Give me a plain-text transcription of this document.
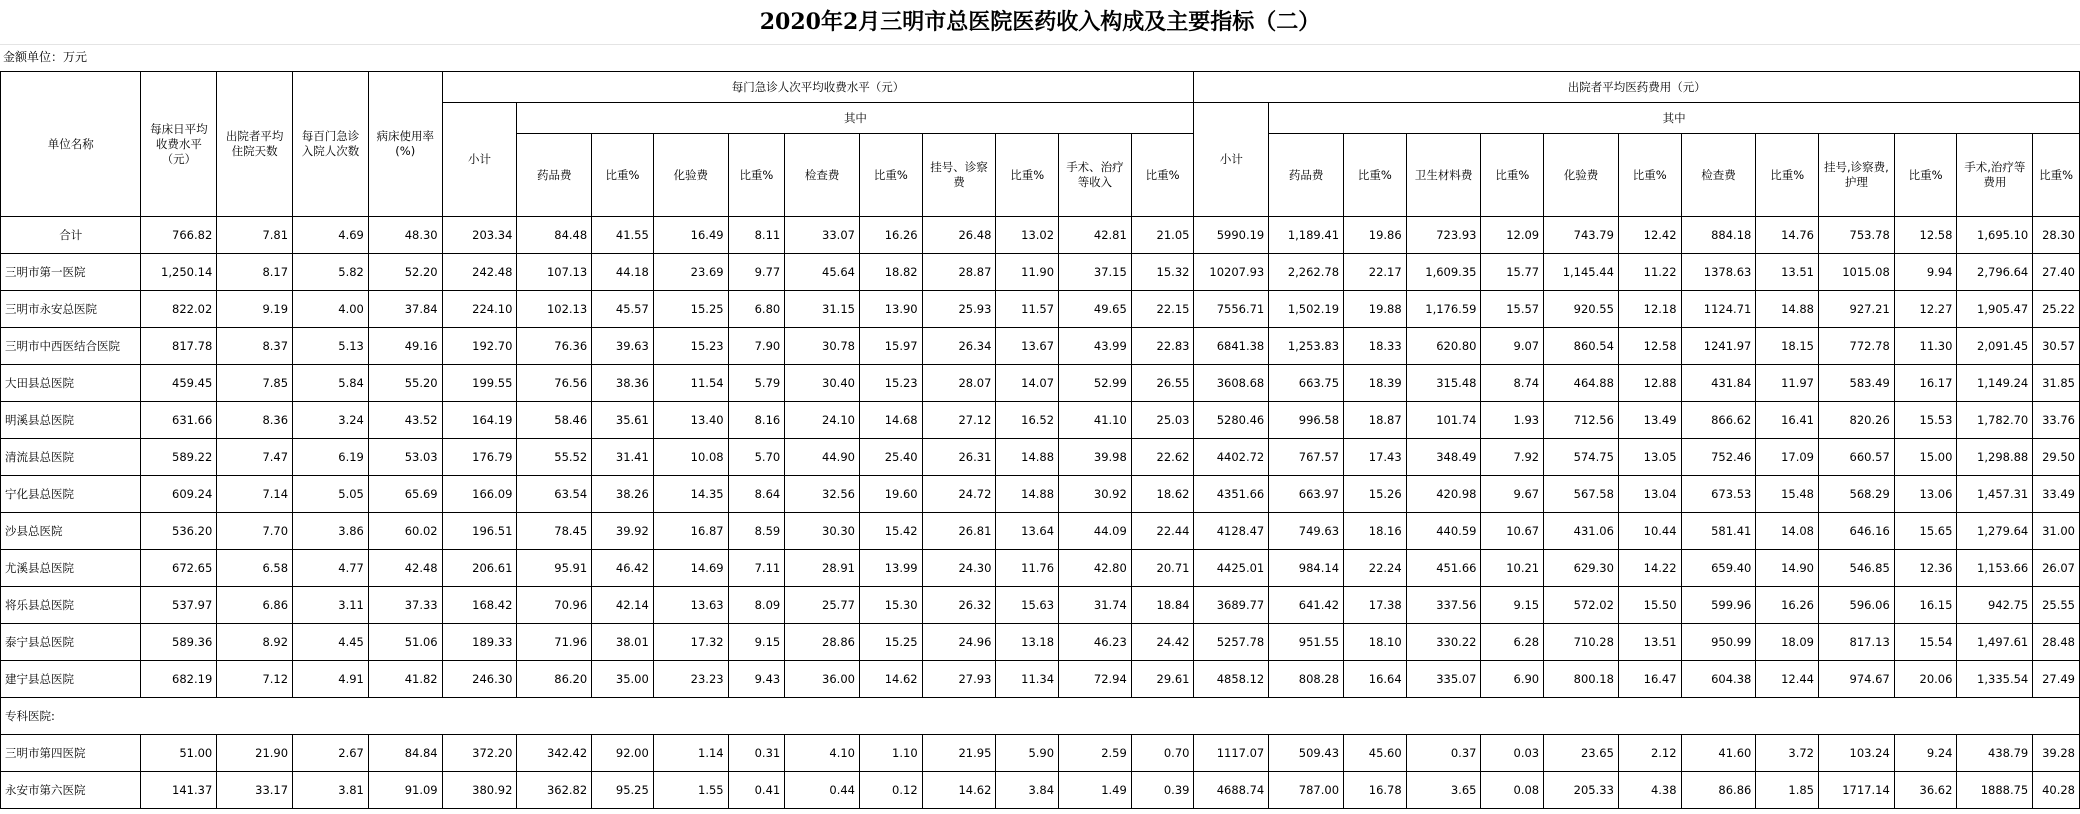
2020年2月三明市总医院医药收入构成及主要指标（二）
金额单位：万元
单位名称	每床日平均收费水平（元）	出院者平均住院天数	每百门急诊入院人次数	病床使用率(%)	每门急诊人次平均收费水平（元）											出院者平均医药费用（元）												
					小计	其中										小计	其中											
						药品费	比重%	化验费	比重%	检查费	比重%	挂号、诊察费	比重%	手术、治疗等收入	比重%		药品费	比重%	卫生材料费	比重%	化验费	比重%	检查费	比重%	挂号,诊察费,护理	比重%	手术,治疗等费用	比重%
合计	766.82	7.81	4.69	48.30	203.34	84.48	41.55	16.49	8.11	33.07	16.26	26.48	13.02	42.81	21.05	5990.19	1,189.41	19.86	723.93	12.09	743.79	12.42	884.18	14.76	753.78	12.58	1,695.10	28.30
三明市第一医院	1,250.14	8.17	5.82	52.20	242.48	107.13	44.18	23.69	9.77	45.64	18.82	28.87	11.90	37.15	15.32	10207.93	2,262.78	22.17	1,609.35	15.77	1,145.44	11.22	1378.63	13.51	1015.08	9.94	2,796.64	27.40
三明市永安总医院	822.02	9.19	4.00	37.84	224.10	102.13	45.57	15.25	6.80	31.15	13.90	25.93	11.57	49.65	22.15	7556.71	1,502.19	19.88	1,176.59	15.57	920.55	12.18	1124.71	14.88	927.21	12.27	1,905.47	25.22
三明市中西医结合医院	817.78	8.37	5.13	49.16	192.70	76.36	39.63	15.23	7.90	30.78	15.97	26.34	13.67	43.99	22.83	6841.38	1,253.83	18.33	620.80	9.07	860.54	12.58	1241.97	18.15	772.78	11.30	2,091.45	30.57
大田县总医院	459.45	7.85	5.84	55.20	199.55	76.56	38.36	11.54	5.79	30.40	15.23	28.07	14.07	52.99	26.55	3608.68	663.75	18.39	315.48	8.74	464.88	12.88	431.84	11.97	583.49	16.17	1,149.24	31.85
明溪县总医院	631.66	8.36	3.24	43.52	164.19	58.46	35.61	13.40	8.16	24.10	14.68	27.12	16.52	41.10	25.03	5280.46	996.58	18.87	101.74	1.93	712.56	13.49	866.62	16.41	820.26	15.53	1,782.70	33.76
清流县总医院	589.22	7.47	6.19	53.03	176.79	55.52	31.41	10.08	5.70	44.90	25.40	26.31	14.88	39.98	22.62	4402.72	767.57	17.43	348.49	7.92	574.75	13.05	752.46	17.09	660.57	15.00	1,298.88	29.50
宁化县总医院	609.24	7.14	5.05	65.69	166.09	63.54	38.26	14.35	8.64	32.56	19.60	24.72	14.88	30.92	18.62	4351.66	663.97	15.26	420.98	9.67	567.58	13.04	673.53	15.48	568.29	13.06	1,457.31	33.49
沙县总医院	536.20	7.70	3.86	60.02	196.51	78.45	39.92	16.87	8.59	30.30	15.42	26.81	13.64	44.09	22.44	4128.47	749.63	18.16	440.59	10.67	431.06	10.44	581.41	14.08	646.16	15.65	1,279.64	31.00
尤溪县总医院	672.65	6.58	4.77	42.48	206.61	95.91	46.42	14.69	7.11	28.91	13.99	24.30	11.76	42.80	20.71	4425.01	984.14	22.24	451.66	10.21	629.30	14.22	659.40	14.90	546.85	12.36	1,153.66	26.07
将乐县总医院	537.97	6.86	3.11	37.33	168.42	70.96	42.14	13.63	8.09	25.77	15.30	26.32	15.63	31.74	18.84	3689.77	641.42	17.38	337.56	9.15	572.02	15.50	599.96	16.26	596.06	16.15	942.75	25.55
泰宁县总医院	589.36	8.92	4.45	51.06	189.33	71.96	38.01	17.32	9.15	28.86	15.25	24.96	13.18	46.23	24.42	5257.78	951.55	18.10	330.22	6.28	710.28	13.51	950.99	18.09	817.13	15.54	1,497.61	28.48
建宁县总医院	682.19	7.12	4.91	41.82	246.30	86.20	35.00	23.23	9.43	36.00	14.62	27.93	11.34	72.94	29.61	4858.12	808.28	16.64	335.07	6.90	800.18	16.47	604.38	12.44	974.67	20.06	1,335.54	27.49
专科医院:																												
三明市第四医院	51.00	21.90	2.67	84.84	372.20	342.42	92.00	1.14	0.31	4.10	1.10	21.95	5.90	2.59	0.70	1117.07	509.43	45.60	0.37	0.03	23.65	2.12	41.60	3.72	103.24	9.24	438.79	39.28
永安市第六医院	141.37	33.17	3.81	91.09	380.92	362.82	95.25	1.55	0.41	0.44	0.12	14.62	3.84	1.49	0.39	4688.74	787.00	16.78	3.65	0.08	205.33	4.38	86.86	1.85	1717.14	36.62	1888.75	40.28
